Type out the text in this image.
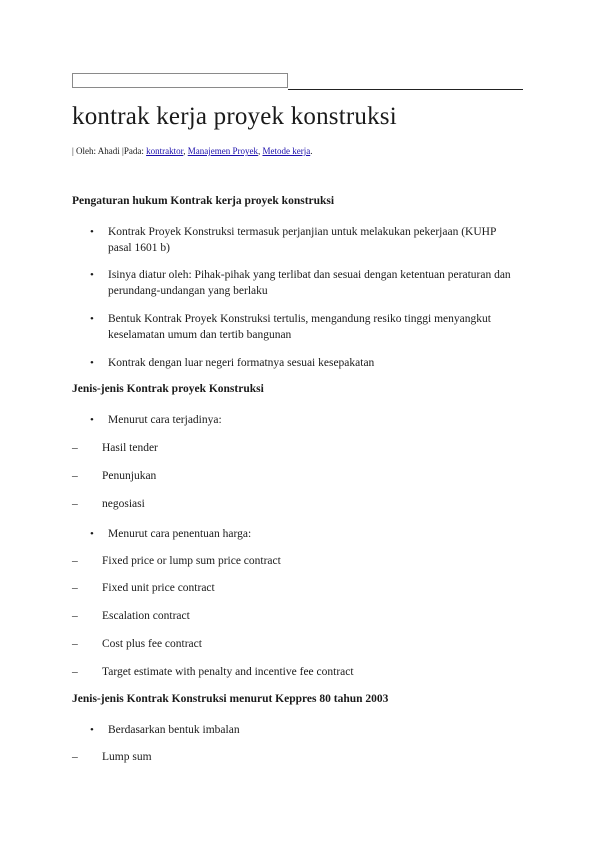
kontrak kerja proyek konstruksi
| Oleh: Ahadi |Pada: kontraktor, Manajemen Proyek, Metode kerja.
Pengaturan hukum Kontrak kerja proyek konstruksi
• Kontrak Proyek Konstruksi termasuk perjanjian untuk melakukan pekerjaan (KUHP pasal 1601 b)
• Isinya diatur oleh: Pihak-pihak yang terlibat dan sesuai dengan ketentuan peraturan dan perundang-undangan yang berlaku
• Bentuk Kontrak Proyek Konstruksi tertulis, mengandung resiko tinggi menyangkut keselamatan umum dan tertib bangunan
• Kontrak dengan luar negeri formatnya sesuai kesepakatan
Jenis-jenis Kontrak proyek Konstruksi
• Menurut cara terjadinya:
– Hasil tender
– Penunjukan
– negosiasi
• Menurut cara penentuan harga:
– Fixed price or lump sum price contract
– Fixed unit price contract
– Escalation contract
– Cost plus fee contract
– Target estimate with penalty and incentive fee contract
Jenis-jenis Kontrak Konstruksi menurut Keppres 80 tahun 2003
• Berdasarkan bentuk imbalan
– Lump sum
